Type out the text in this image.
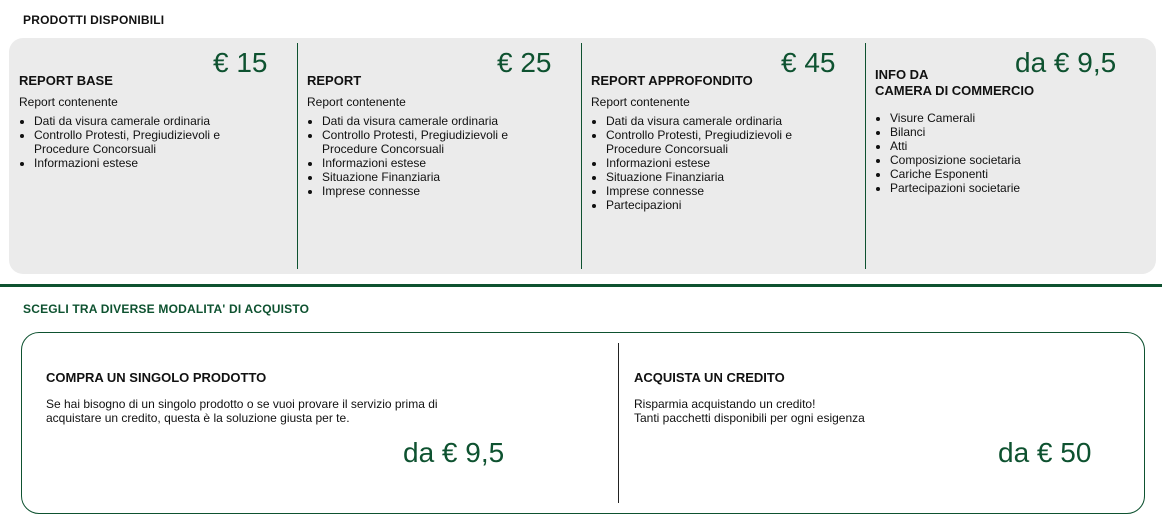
PRODOTTI DISPONIBILI
REPORT BASE
€ 15
Report contenente
• Dati da visura camerale ordinaria
• Controllo Protesti, Pregiudizievoli e Procedure Concorsuali
• Informazioni estese
REPORT
€ 25
Report contenente
• Dati da visura camerale ordinaria
• Controllo Protesti, Pregiudizievoli e Procedure Concorsuali
• Informazioni estese
• Situazione Finanziaria
• Imprese connesse
REPORT APPROFONDITO
€ 45
Report contenente
• Dati da visura camerale ordinaria
• Controllo Protesti, Pregiudizievoli e Procedure Concorsuali
• Informazioni estese
• Situazione Finanziaria
• Imprese connesse
• Partecipazioni
INFO DA
CAMERA DI COMMERCIO
da € 9,5
• Visure Camerali
• Bilanci
• Atti
• Composizione societaria
• Cariche Esponenti
• Partecipazioni societarie
SCEGLI TRA DIVERSE MODALITA' DI ACQUISTO
COMPRA UN SINGOLO PRODOTTO

Se hai bisogno di un singolo prodotto o se vuoi provare il servizio prima di
acquistare un credito, questa è la soluzione giusta per te.

da € 9,5
ACQUISTA UN CREDITO

Risparmia acquistando un credito!
Tanti pacchetti disponibili per ogni esigenza

da € 50
